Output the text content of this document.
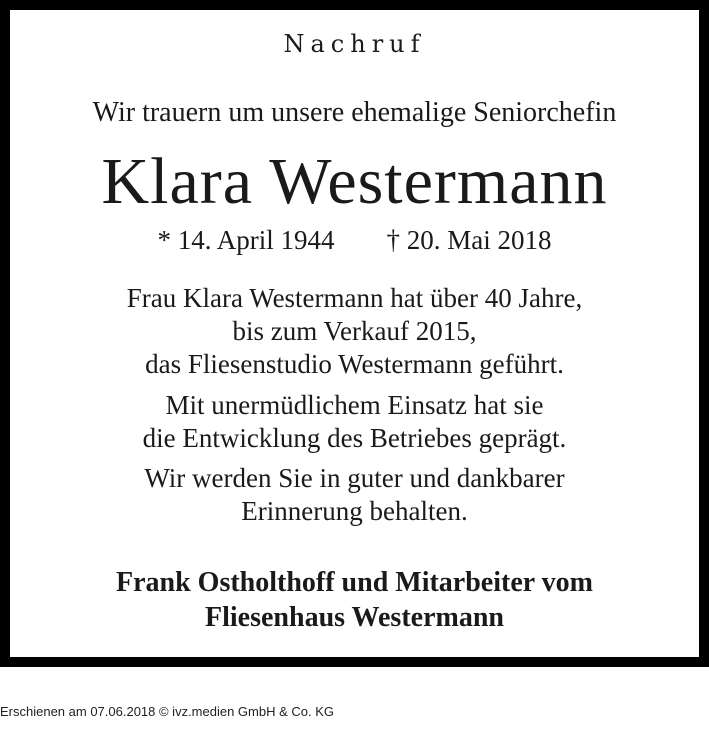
Nachruf

Wir trauern um unsere ehemalige Seniorchefin

Klara Westermann

* 14. April 1944 † 20. Mai 2018

Frau Klara Westermann hat über 40 Jahre,
bis zum Verkauf 2015,
das Fliesenstudio Westermann geführt.
Mit unermüdlichem Einsatz hat sie
die Entwicklung des Betriebes geprägt.
Wir werden Sie in guter und dankbarer
Erinnerung behalten.
Frank Ostholthoff und Mitarbeiter vom
Fliesenhaus Westermann
Erschienen am 07.06.2018 © ivz.medien GmbH & Co. KG
